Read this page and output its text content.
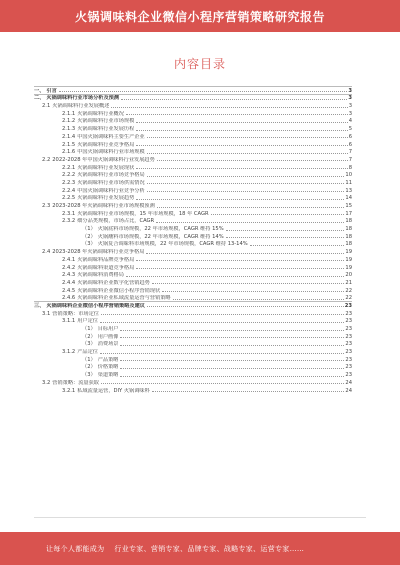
火锅调味料企业微信小程序营销策略研究报告
内容目录
一、 引言	3
二、 火锅调味料行业市场分析及预测	3
2.1 火锅调味料行业发展概述	3
2.1.1 火锅调味料行业概况	3
2.1.2 火锅调味料行业市场规模	4
2.1.3 火锅调味料行业发展历程	5
2.1.4 中国火锅调味料主要生产企业	6
2.1.5 火锅调味料行业竞争格局	6
2.1.6 中国火锅调味料行业市场规模	7
2.2 2022-2028 年中国火锅调味料行业发展趋势	7
2.2.1 火锅调味料行业发展现状	8
2.2.2 火锅调味料行业市场竞争格局	10
2.2.3 火锅调味料行业市场供需情况	11
2.2.4 中国火锅调味料行业竞争分析	13
2.2.5 火锅调味料行业发展趋势	14
2.3 2023-2028 年火锅调味料行业市场规模预测	15
2.3.1 火锅调味料行业市场规模，15 年市场规模，18 年 CAGR	17
2.3.2 细分品类规模，市场占比，CAGR	18
（1） 火锅底料市场规模，22 年市场规模，CAGR 维持 15%	18
（2） 火锅蘸料市场规模，22 年市场规模，CAGR 维持 14%	18
（3） 火锅复合调味料市场规模，22 年市场规模，CAGR 维持 13-14%	18
2.4 2023-2028 年火锅调味料行业竞争格局	19
2.4.1 火锅调味料品牌竞争格局	19
2.4.2 火锅调味料渠道竞争格局	19
2.4.3 火锅调味料消费格局	20
2.4.4 火锅调味料企业数字化营销趋势	21
2.4.5 火锅调味料企业微信小程序营销现状	22
2.4.6 火锅调味料企业私域流量运营与营销策略	22
三、 火锅调味料企业微信小程序营销策略及建议	23
3.1 营销策略：市场定位	23
3.1.1 用户定位	23
（1） 目标用户	23
（2） 用户画像	23
（3） 消费场景	23
3.1.2 产品定位	23
（1） 产品策略	23
（2） 价格策略	23
（3） 渠道策略	23
3.2 营销策略：流量获取	24
3.2.1 私域流量运营，DIY 火锅调味料	24
让每个人都能成为 行业专家、营销专家、品牌专家、战略专家、运营专家……
